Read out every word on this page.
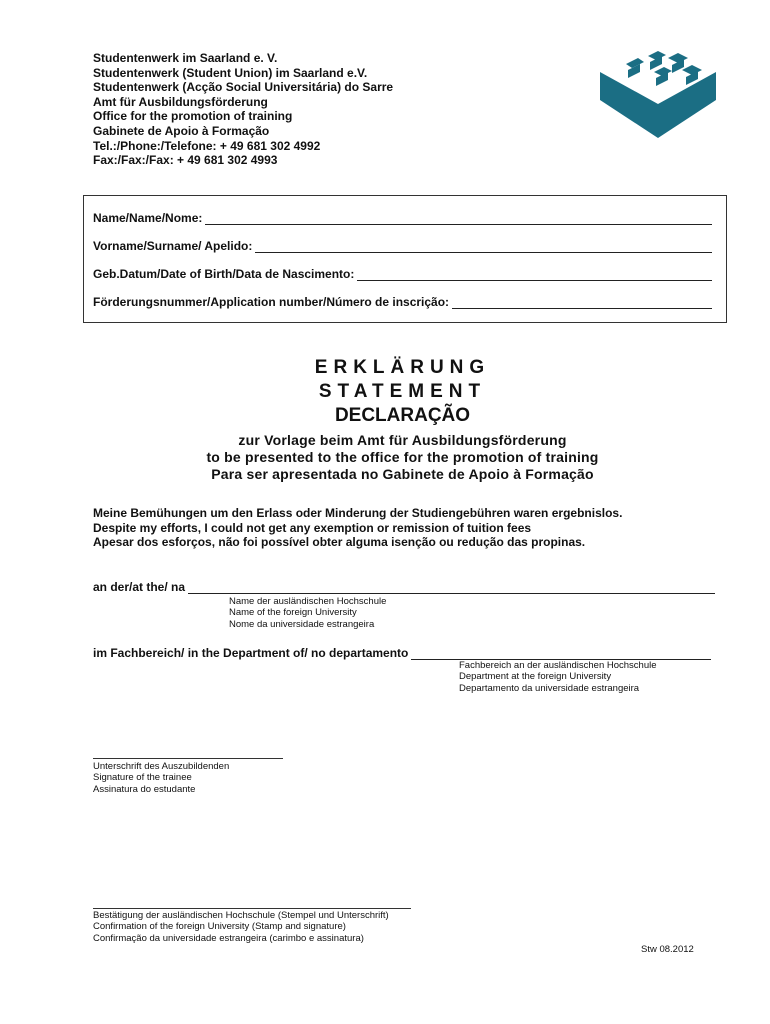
Studentenwerk im Saarland e. V.
Studentenwerk (Student Union) im Saarland e.V.
Studentenwerk (Acção Social Universitária) do Sarre
Amt für Ausbildungsförderung
Office for the promotion of training
Gabinete de Apoio à Formação
Tel.:/Phone:/Telefone: + 49 681 302 4992
Fax:/Fax:/Fax: + 49 681 302 4993
Name/Name/Nome:
Vorname/Surname/ Apelido:
Geb.Datum/Date of Birth/Data de Nascimento:
Förderungsnummer/Application number/Número de inscrição:
ERKLÄRUNG
STATEMENT
DECLARAÇÃO
zur Vorlage beim Amt für Ausbildungsförderung
to be presented to the office for the promotion of training
Para ser apresentada no Gabinete de Apoio à Formação
Meine Bemühungen um den Erlass oder Minderung der Studiengebühren waren ergebnislos.
Despite my efforts, I could not get any exemption or remission of tuition fees
Apesar dos esforços, não foi possível obter alguma isenção ou redução das propinas.
an der/at the/ na
Name der ausländischen Hochschule
Name of the foreign University
Nome da universidade estrangeira
im Fachbereich/ in the Department of/ no departamento
Fachbereich an der ausländischen Hochschule
Department at the foreign University
Departamento da universidade estrangeira
Unterschrift des Auszubildenden
Signature of the trainee
Assinatura do estudante
Bestätigung der ausländischen Hochschule (Stempel und Unterschrift)
Confirmation of the foreign University (Stamp and signature)
Confirmação da universidade estrangeira (carimbo e assinatura)
Stw 08.2012
